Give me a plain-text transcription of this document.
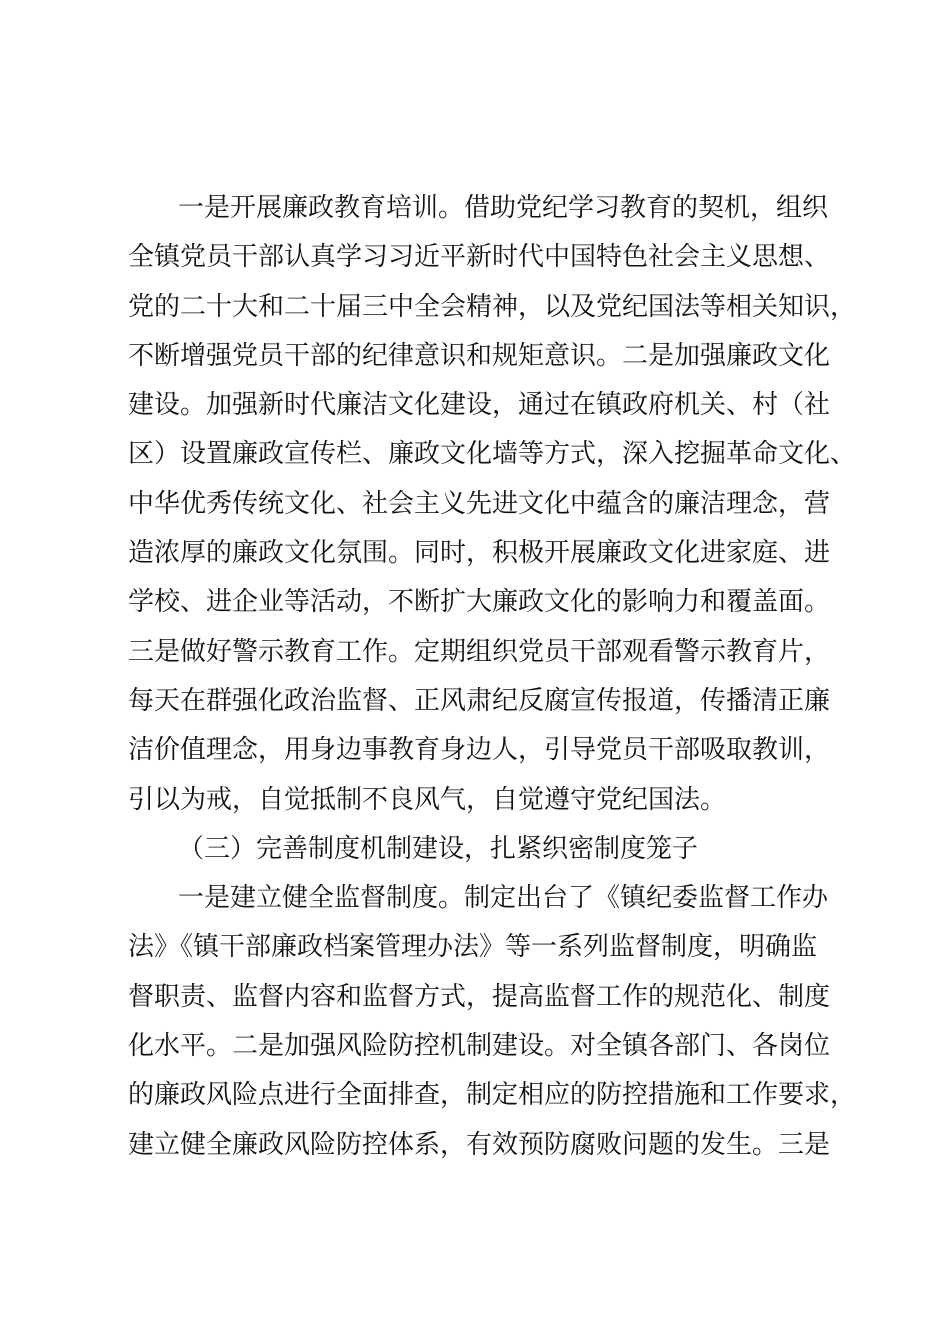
一是开展廉政教育培训。借助党纪学习教育的契机，组织
全镇党员干部认真学习习近平新时代中国特色社会主义思想、
党的二十大和二十届三中全会精神，以及党纪国法等相关知识，
不断增强党员干部的纪律意识和规矩意识。二是加强廉政文化
建设。加强新时代廉洁文化建设，通过在镇政府机关、村（社
区）设置廉政宣传栏、廉政文化墙等方式，深入挖掘革命文化、
中华优秀传统文化、社会主义先进文化中蕴含的廉洁理念，营
造浓厚的廉政文化氛围。同时，积极开展廉政文化进家庭、进
学校、进企业等活动，不断扩大廉政文化的影响力和覆盖面。
三是做好警示教育工作。定期组织党员干部观看警示教育片，
每天在群强化政治监督、正风肃纪反腐宣传报道，传播清正廉
洁价值理念，用身边事教育身边人，引导党员干部吸取教训，
引以为戒，自觉抵制不良风气，自觉遵守党纪国法。
（三）完善制度机制建设，扎紧织密制度笼子
一是建立健全监督制度。制定出台了《镇纪委监督工作办
法》《镇干部廉政档案管理办法》等一系列监督制度，明确监
督职责、监督内容和监督方式，提高监督工作的规范化、制度
化水平。二是加强风险防控机制建设。对全镇各部门、各岗位
的廉政风险点进行全面排查，制定相应的防控措施和工作要求，
建立健全廉政风险防控体系，有效预防腐败问题的发生。三是
